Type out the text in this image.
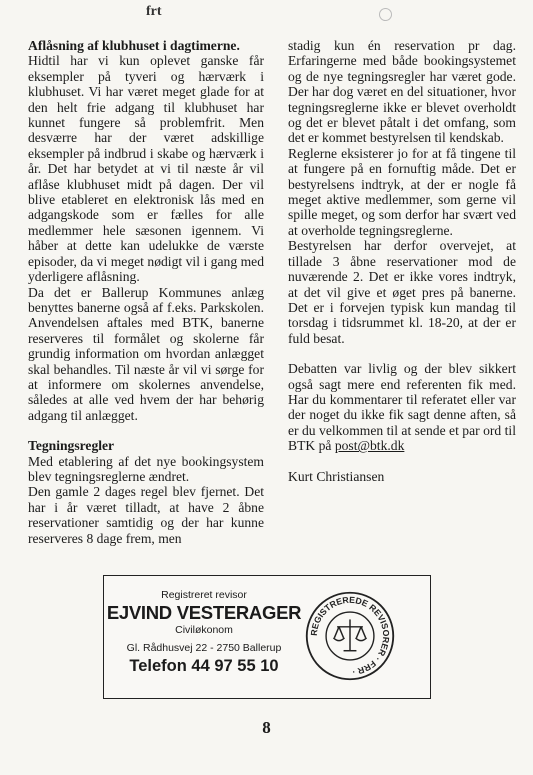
frt

Aflåsning af klubhuset i dagtimerne.

Hidtil har vi kun oplevet ganske får eksempler på tyveri og hærværk i klubhuset. Vi har været meget glade for at den helt frie adgang til klubhuset har kunnet fungere så problemfrit. Men desværre har der været adskillige eksempler på indbrud i skabe og hærværk i år. Det har betydet at vi til næste år vil aflåse klubhuset midt på dagen. Der vil blive etableret en elektronisk lås med en adgangskode som er fælles for alle medlemmer hele sæsonen igennem. Vi håber at dette kan udelukke de værste episoder, da vi meget nødigt vil i gang med yderligere aflåsning.

Da det er Ballerup Kommunes anlæg benyttes banerne også af f.eks. Parkskolen. Anvendelsen aftales med BTK, banerne reserveres til formålet og skolerne får grundig information om hvordan anlægget skal behandles. Til næste år vil vi sørge for at informere om skolernes anvendelse, således at alle ved hvem der har behørig adgang til anlægget.

Tegningsregler

Med etablering af det nye bookingsystem blev tegningsreglerne ændret.

Den gamle 2 dages regel blev fjernet. Det har i år været tilladt, at have 2 åbne reservationer samtidig og der har kunne reserveres 8 dage frem, men

stadig kun én reservation pr dag. Erfaringerne med både bookingsystemet og de nye tegningsregler har været gode. Der har dog været en del situationer, hvor tegningsreglerne ikke er blevet overholdt og det er blevet påtalt i det omfang, som det er kommet bestyrelsen til kendskab.

Reglerne eksisterer jo for at få tingene til at fungere på en fornuftig måde. Det er bestyrelsens indtryk, at der er nogle få meget aktive medlemmer, som gerne vil spille meget, og som derfor har svært ved at overholde tegningsreglerne.

Bestyrelsen har derfor overvejet, at tillade 3 åbne reservationer mod de nuværende 2. Det er ikke vores indtryk, at det vil give et øget pres på banerne. Det er i forvejen typisk kun mandag til torsdag i tidsrummet kl. 18-20, at der er fuld besat.

Debatten var livlig og der blev sikkert også sagt mere end referenten fik med. Har du kommentarer til referatet eller var der noget du ikke fik sagt denne aften, så er du velkommen til at sende et par ord til BTK på post@btk.dk

Kurt Christiansen

Registreret revisor
EJVIND VESTERAGER
Civiløkonom
Gl. Rådhusvej 22 - 2750 Ballerup
Telefon 44 97 55 10
REGISTREREDE REVISORER · FRR ·
8
